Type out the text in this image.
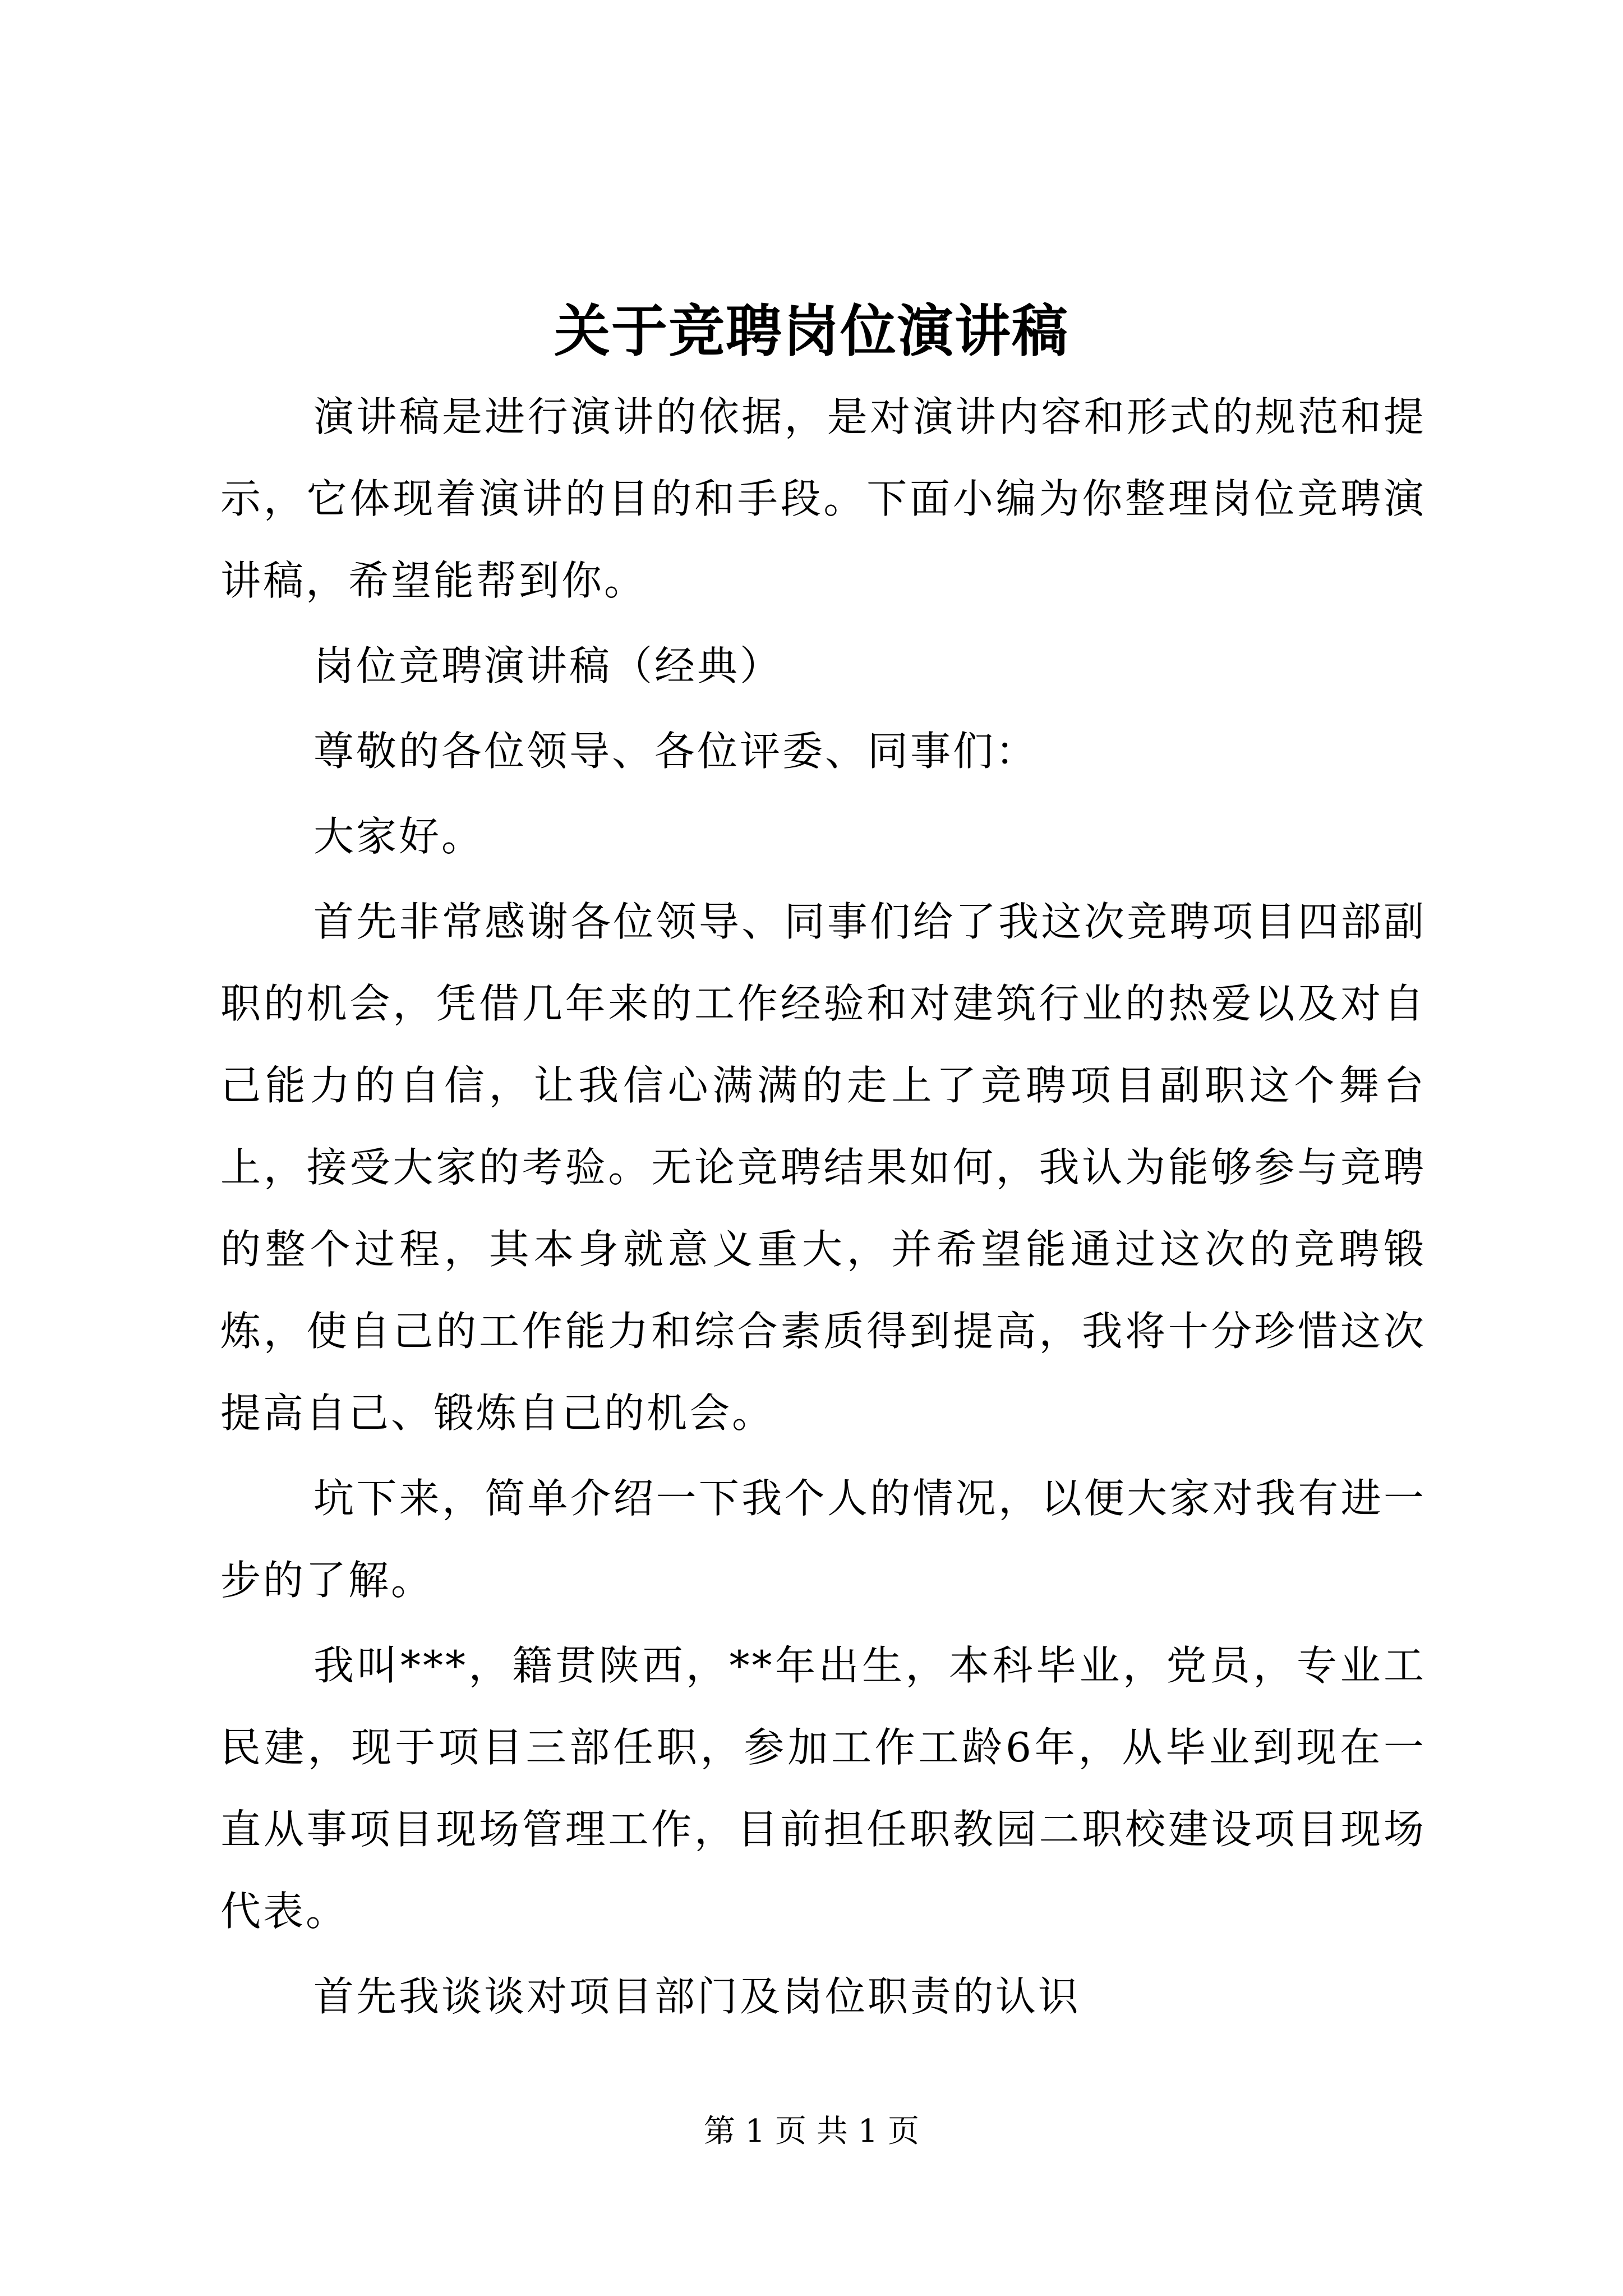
关于竞聘岗位演讲稿

演讲稿是进行演讲的依据，是对演讲内容和形式的规范和提示，它体现着演讲的目的和手段。下面小编为你整理岗位竞聘演讲稿，希望能帮到你。

岗位竞聘演讲稿（经典）

尊敬的各位领导、各位评委、同事们：

大家好。

首先非常感谢各位领导、同事们给了我这次竞聘项目四部副职的机会，凭借几年来的工作经验和对建筑行业的热爱以及对自己能力的自信，让我信心满满的走上了竞聘项目副职这个舞台上，接受大家的考验。无论竞聘结果如何，我认为能够参与竞聘的整个过程，其本身就意义重大，并希望能通过这次的竞聘锻炼，使自己的工作能力和综合素质得到提高，我将十分珍惜这次提高自己、锻炼自己的机会。

坑下来，简单介绍一下我个人的情况，以便大家对我有进一步的了解。

我叫***，籍贯陕西，**年出生，本科毕业，党员，专业工民建，现于项目三部任职，参加工作工龄6年，从毕业到现在一直从事项目现场管理工作，目前担任职教园二职校建设项目现场代表。

首先我谈谈对项目部门及岗位职责的认识

第 1 页 共 1 页
